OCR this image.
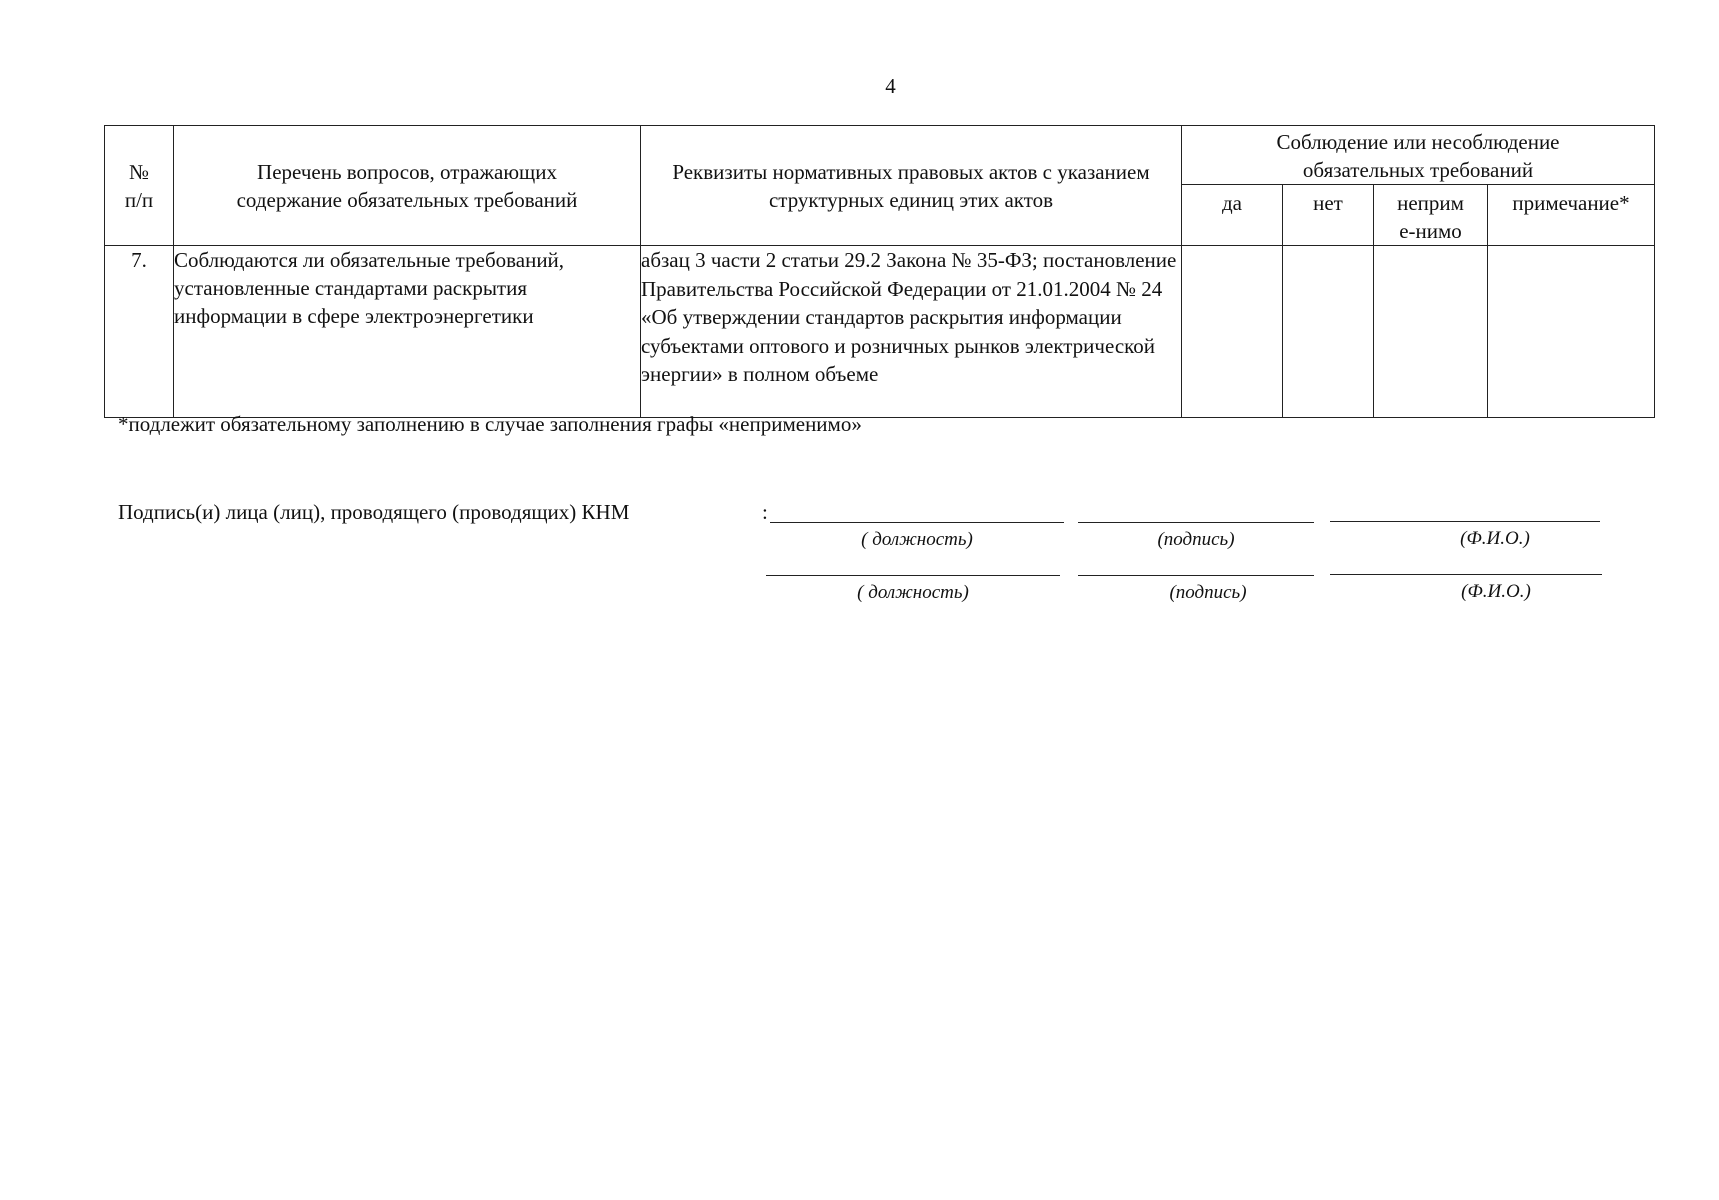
4
№ п/п	Перечень вопросов, отражающих содержание обязательных требований	Реквизиты нормативных правовых актов с указанием структурных единиц этих актов	Соблюдение или несоблюдение обязательных требований			

			да	нет	неприме-нимо	примечание*
7.	Соблюдаются ли обязательные требований, установленные стандартами раскрытия информации в сфере электроэнергетики	абзац 3 части 2 статьи 29.2 Закона № 35-ФЗ; постановление Правительства Российской Федерации от 21.01.2004 № 24 «Об утверждении стандартов раскрытия информации субъектами оптового и розничных рынков электрической энергии» в полном объеме				
*подлежит обязательному заполнению в случае заполнения графы «неприменимо»
Подпись(и) лица (лиц), проводящего (проводящих) КНМ	:
( должность)	(подпись)	(Ф.И.О.)
( должность)	(подпись)	(Ф.И.О.)
